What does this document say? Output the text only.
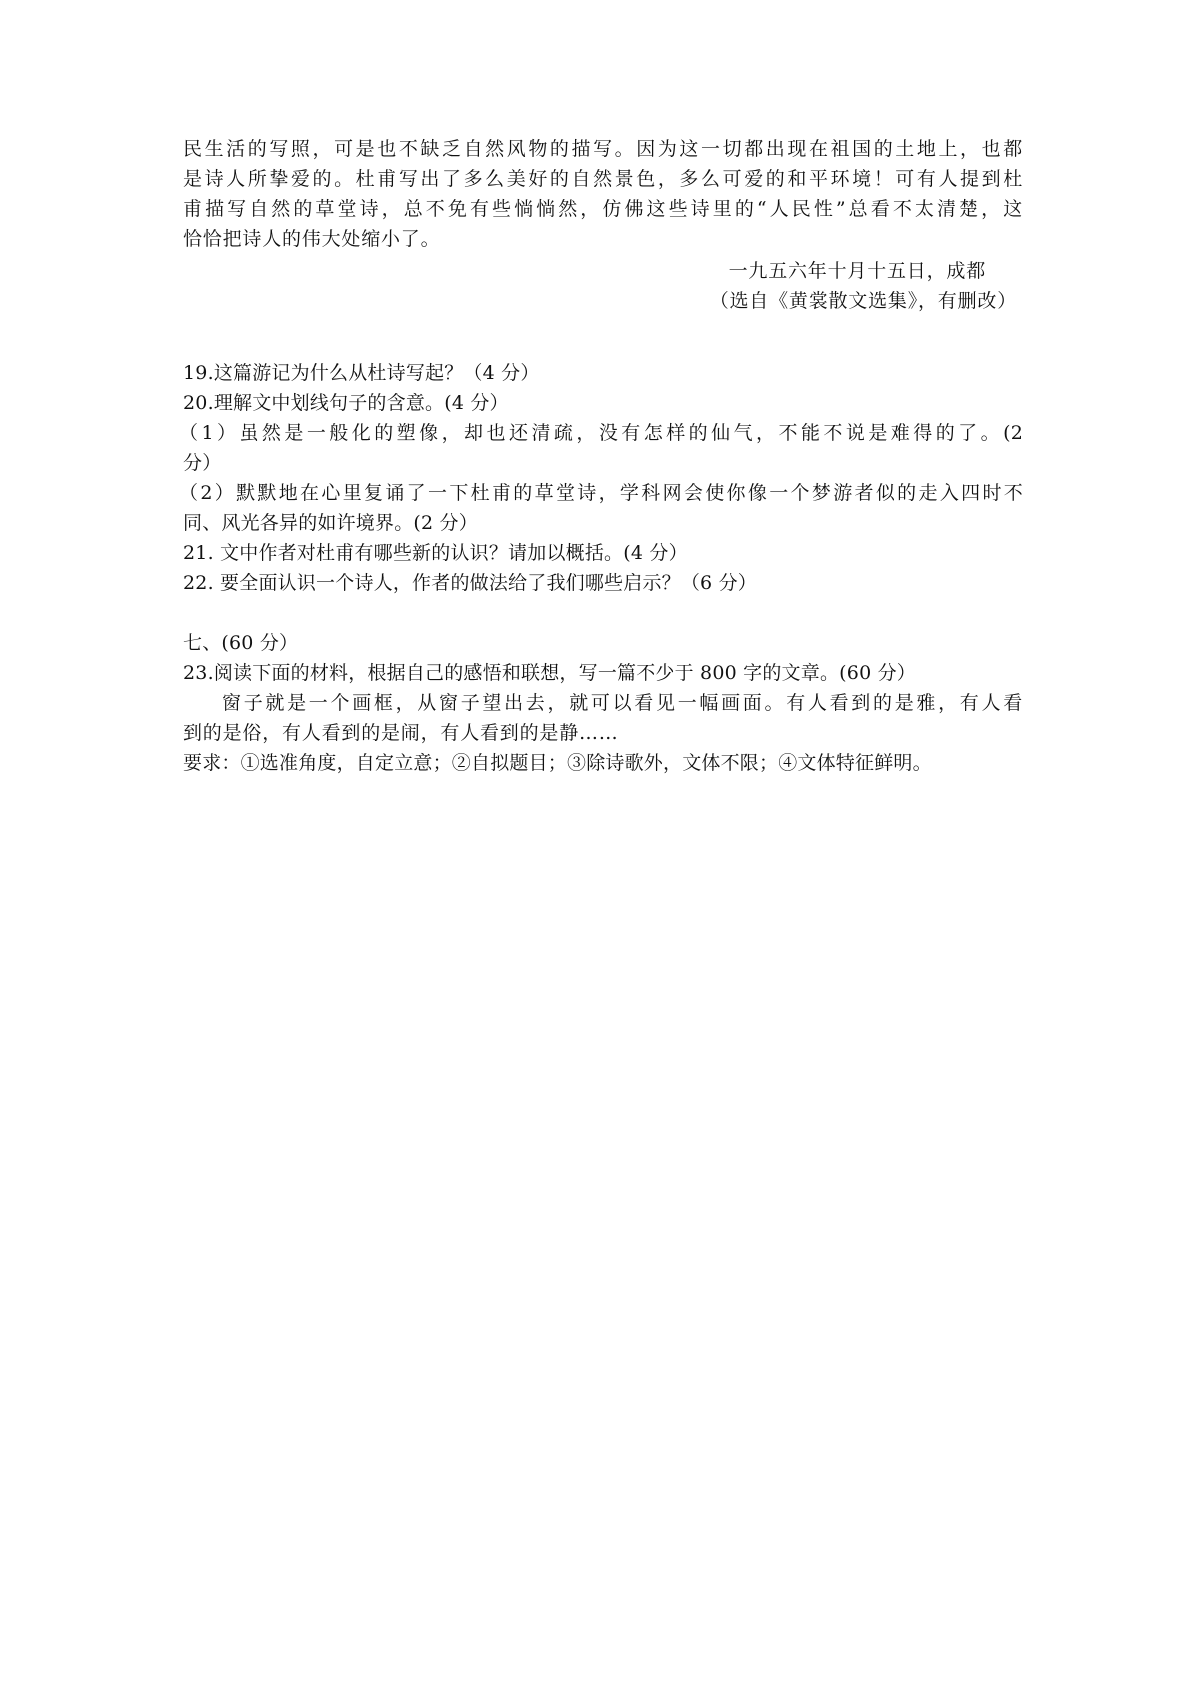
民生活的写照，可是也不缺乏自然风物的描写。因为这一切都出现在祖国的土地上，也都
是诗人所挚爱的。杜甫写出了多么美好的自然景色，多么可爱的和平环境！可有人提到杜
甫描写自然的草堂诗，总不免有些惝惝然，仿佛这些诗里的“人民性”总看不太清楚，这
恰恰把诗人的伟大处缩小了。
一九五六年十月十五日，成都
（选自《黄裳散文选集》，有删改）
19.这篇游记为什么从杜诗写起？（4 分）
20.理解文中划线句子的含意。(4 分）
（1）虽然是一般化的塑像，却也还清疏，没有怎样的仙气，不能不说是难得的了。(2
分）
（2）默默地在心里复诵了一下杜甫的草堂诗，学科网会使你像一个梦游者似的走入四时不
同、风光各异的如许境界。(2 分）
21. 文中作者对杜甫有哪些新的认识？请加以概括。(4 分）
22. 要全面认识一个诗人，作者的做法给了我们哪些启示？（6 分）
七、(60 分）
23.阅读下面的材料，根据自己的感悟和联想，写一篇不少于 800 字的文章。(60 分）
窗子就是一个画框，从窗子望出去，就可以看见一幅画面。有人看到的是雅，有人看
到的是俗，有人看到的是闹，有人看到的是静……
要求：①选准角度，自定立意；②自拟题目；③除诗歌外，文体不限；④文体特征鲜明。
